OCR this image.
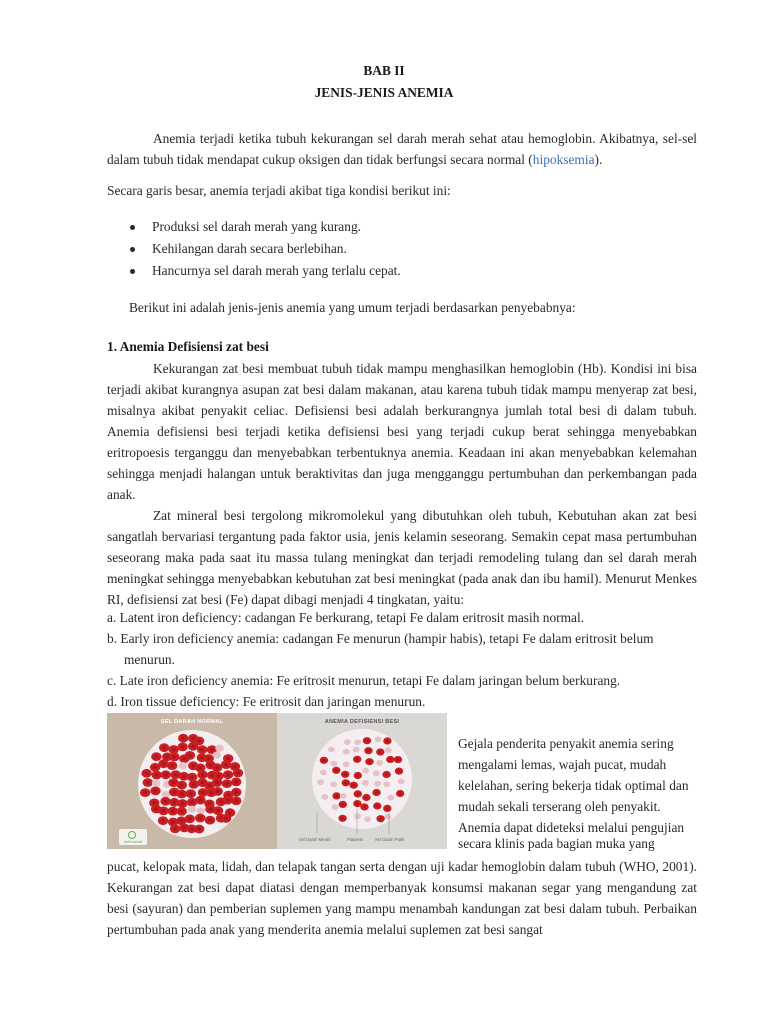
BAB II
JENIS-JENIS ANEMIA

Anemia terjadi ketika tubuh kekurangan sel darah merah sehat atau hemoglobin. Akibatnya, sel-sel dalam tubuh tidak mendapat cukup oksigen dan tidak berfungsi secara normal (hipoksemia).

Secara garis besar, anemia terjadi akibat tiga kondisi berikut ini:

Produksi sel darah merah yang kurang.
Kehilangan darah secara berlebihan.
Hancurnya sel darah merah yang terlalu cepat.

Berikut ini adalah jenis-jenis anemia yang umum terjadi berdasarkan penyebabnya:

1. Anemia Defisiensi zat besi

Kekurangan zat besi membuat tubuh tidak mampu menghasilkan hemoglobin (Hb). Kondisi ini bisa terjadi akibat kurangnya asupan zat besi dalam makanan, atau karena tubuh tidak mampu menyerap zat besi, misalnya akibat penyakit celiac. Defisiensi besi adalah berkurangnya jumlah total besi di dalam tubuh. Anemia defisiensi besi terjadi ketika defisiensi besi yang terjadi cukup berat sehingga menyebabkan eritropoesis terganggu dan menyebabkan terbentuknya anemia. Keadaan ini akan menyebabkan kelemahan sehingga menjadi halangan untuk beraktivitas dan juga mengganggu pertumbuhan dan perkembangan pada anak.

Zat mineral besi tergolong mikromolekul yang dibutuhkan oleh tubuh, Kebutuhan akan zat besi sangatlah bervariasi tergantung pada faktor usia, jenis kelamin seseorang. Semakin cepat masa pertumbuhan seseorang maka pada saat itu massa tulang meningkat dan terjadi remodeling tulang dan sel darah merah meningkat sehingga menyebabkan kebutuhan zat besi meningkat (pada anak dan ibu hamil). Menurut Menkes RI, defisiensi zat besi (Fe) dapat dibagi menjadi 4 tingkatan, yaitu:

a. Latent iron deficiency: cadangan Fe berkurang, tetapi Fe dalam eritrosit masih normal.
b. Early iron deficiency anemia: cadangan Fe menurun (hampir habis), tetapi Fe dalam eritrosit belum
menurun.
c. Late iron deficiency anemia: Fe eritrosit menurun, tetapi Fe dalam jaringan belum berkurang.
d. Iron tissue deficiency: Fe eritrosit dan jaringan menurun.
SEL DARAH NORMAL
hellosehat
ANEMIA DEFISIENSI BESI
Sel Darah Merah	Platelets	Sel Darah Putih
Gejala penderita penyakit anemia sering
mengalami lemas, wajah pucat, mudah
kelelahan, sering bekerja tidak optimal dan
mudah sekali terserang oleh penyakit.
Anemia dapat dideteksi melalui pengujian
secara klinis pada bagian muka yang

pucat, kelopak mata, lidah, dan telapak tangan serta dengan uji kadar hemoglobin dalam tubuh (WHO, 2001). Kekurangan zat besi dapat diatasi dengan memperbanyak konsumsi makanan segar yang mengandung zat besi (sayuran) dan pemberian suplemen yang mampu menambah kandungan zat besi dalam tubuh. Perbaikan pertumbuhan pada anak yang menderita anemia melalui suplemen zat besi sangat
